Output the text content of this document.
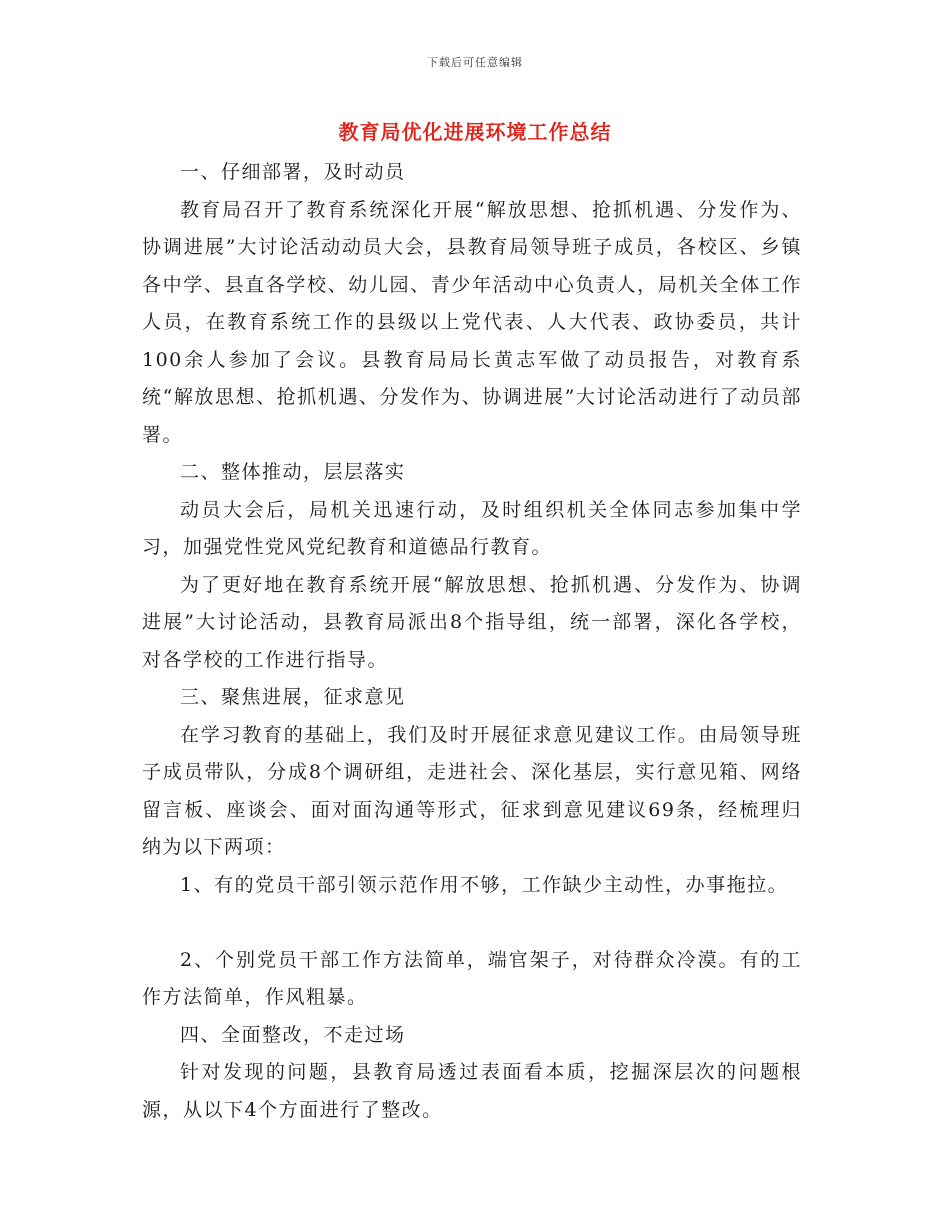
下载后可任意编辑
教育局优化进展环境工作总结

一、仔细部署，及时动员

教育局召开了教育系统深化开展“解放思想、抢抓机遇、分发作为、协调进展”大讨论活动动员大会，县教育局领导班子成员，各校区、乡镇各中学、县直各学校、幼儿园、青少年活动中心负责人，局机关全体工作人员，在教育系统工作的县级以上党代表、人大代表、政协委员，共计100余人参加了会议。县教育局局长黄志军做了动员报告，对教育系统“解放思想、抢抓机遇、分发作为、协调进展”大讨论活动进行了动员部署。

二、整体推动，层层落实

动员大会后，局机关迅速行动，及时组织机关全体同志参加集中学习，加强党性党风党纪教育和道德品行教育。

为了更好地在教育系统开展“解放思想、抢抓机遇、分发作为、协调进展”大讨论活动，县教育局派出8个指导组，统一部署，深化各学校，对各学校的工作进行指导。

三、聚焦进展，征求意见

在学习教育的基础上，我们及时开展征求意见建议工作。由局领导班子成员带队，分成8个调研组，走进社会、深化基层，实行意见箱、网络留言板、座谈会、面对面沟通等形式，征求到意见建议69条，经梳理归纳为以下两项：

1、有的党员干部引领示范作用不够，工作缺少主动性，办事拖拉。

2、个别党员干部工作方法简单，端官架子，对待群众冷漠。有的工作方法简单，作风粗暴。

四、全面整改，不走过场

针对发现的问题，县教育局透过表面看本质，挖掘深层次的问题根源，从以下4个方面进行了整改。
